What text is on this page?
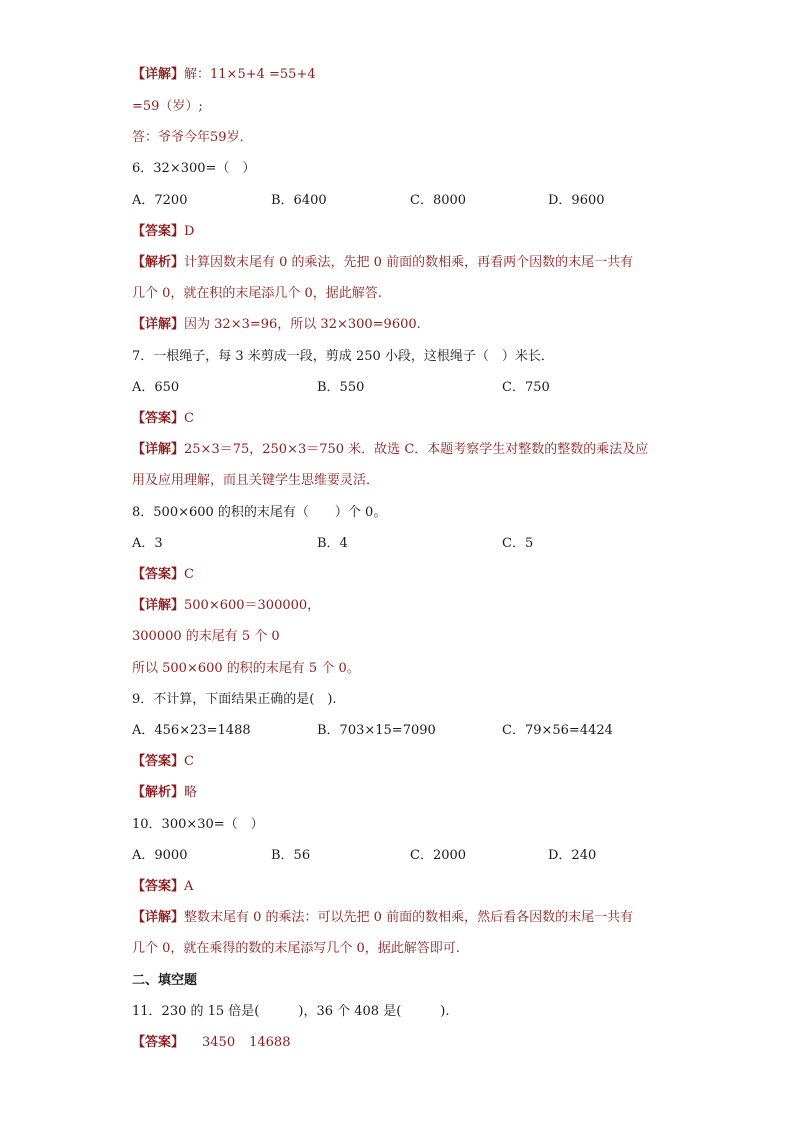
【详解】解：11×5+4 =55+4
=59（岁）;
答：爷爷今年59岁．
6．32×300=（　）
A．7200	B．6400	C．8000	D．9600
【答案】D
【解析】计算因数末尾有 0 的乘法，先把 0 前面的数相乘，再看两个因数的末尾一共有
几个 0，就在积的末尾添几个 0，据此解答.
【详解】因为 32×3=96，所以 32×300=9600.
7．一根绳子，每 3 米剪成一段，剪成 250 小段，这根绳子（　）米长．
A．650	B．550	C．750
【答案】C
【详解】25×3＝75，250×3＝750 米．故选 C．本题考察学生对整数的整数的乘法及应
用及应用理解，而且关键学生思维要灵活．
8．500×600 的积的末尾有（　　）个 0。
A．3	B．4	C．5
【答案】C
【详解】500×600＝300000，
300000 的末尾有 5 个 0
所以 500×600 的积的末尾有 5 个 0。
9．不计算，下面结果正确的是(　).
A．456×23=1488	B．703×15=7090	C．79×56=4424
【答案】C
【解析】略
10．300×30=（　）
A．9000	B．56	C．2000	D．240
【答案】A
【详解】整数末尾有 0 的乘法：可以先把 0 前面的数相乘，然后看各因数的末尾一共有
几个 0，就在乘得的数的末尾添写几个 0，据此解答即可.
二、填空题
11．230 的 15 倍是(　　　)，36 个 408 是(　　　).
【答案】 3450 14688
